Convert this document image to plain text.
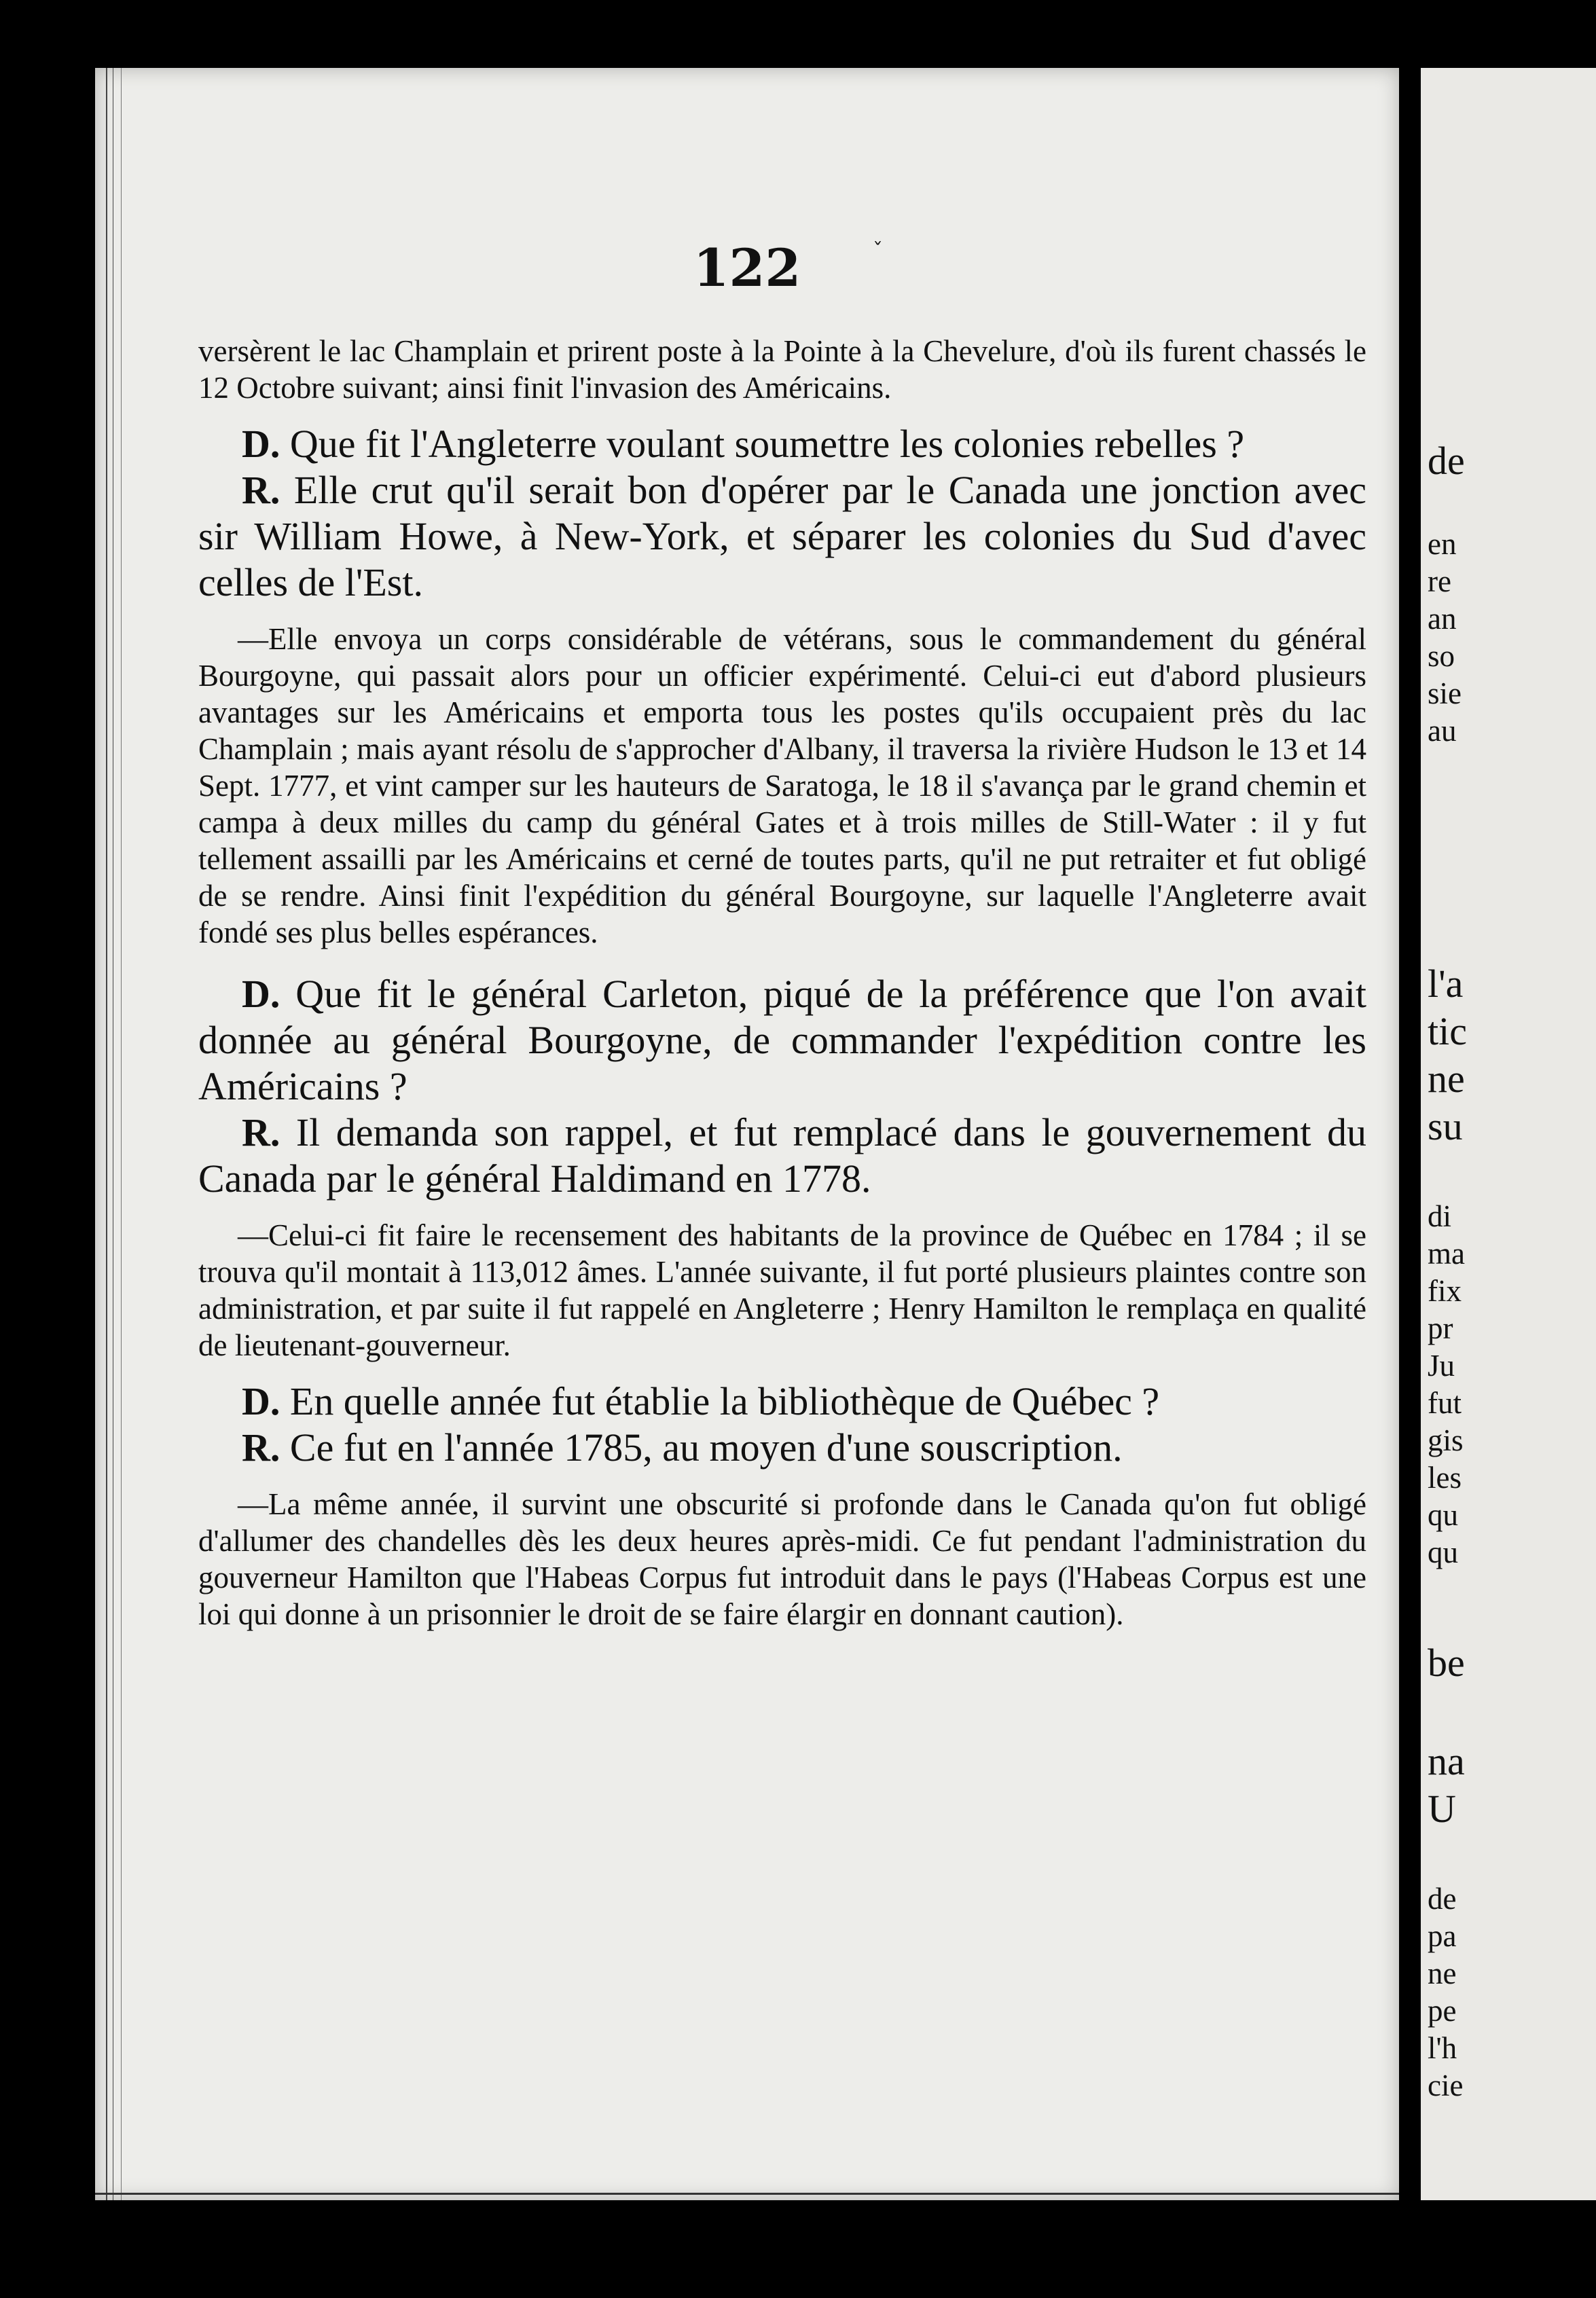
122	ˇ

versèrent le lac Champlain et prirent poste à la Pointe à la Chevelure, d'où ils furent chassés le 12 Octobre suivant; ainsi finit l'invasion des Américains.

D. Que fit l'Angleterre voulant soumettre les colonies rebelles ?

R. Elle crut qu'il serait bon d'opérer par le Canada une jonction avec sir William Howe, à New-York, et séparer les colonies du Sud d'avec celles de l'Est.

—Elle envoya un corps considérable de vétérans, sous le commandement du général Bourgoyne, qui passait alors pour un officier expérimenté. Celui-ci eut d'abord plusieurs avantages sur les Américains et emporta tous les postes qu'ils occupaient près du lac Champlain ; mais ayant résolu de s'approcher d'Albany, il traversa la rivière Hudson le 13 et 14 Sept. 1777, et vint camper sur les hauteurs de Saratoga, le 18 il s'avança par le grand chemin et campa à deux milles du camp du général Gates et à trois milles de Still-Water : il y fut tellement assailli par les Américains et cerné de toutes parts, qu'il ne put retraiter et fut obligé de se rendre. Ainsi finit l'expédition du général Bourgoyne, sur laquelle l'Angleterre avait fondé ses plus belles espérances.

D. Que fit le général Carleton, piqué de la préférence que l'on avait donnée au général Bourgoyne, de commander l'expédition contre les Américains ?

R. Il demanda son rappel, et fut remplacé dans le gouvernement du Canada par le général Haldimand en 1778.

—Celui-ci fit faire le recensement des habitants de la province de Québec en 1784 ; il se trouva qu'il montait à 113,012 âmes. L'année suivante, il fut porté plusieurs plaintes contre son administration, et par suite il fut rappelé en Angleterre ; Henry Hamilton le remplaça en qualité de lieutenant-gouverneur.

D. En quelle année fut établie la bibliothèque de Québec ?

R. Ce fut en l'année 1785, au moyen d'une souscription.

—La même année, il survint une obscurité si profonde dans le Canada qu'on fut obligé d'allumer des chandelles dès les deux heures après-midi. Ce fut pendant l'administration du gouverneur Hamilton que l'Habeas Corpus fut introduit dans le pays (l'Habeas Corpus est une loi qui donne à un prisonnier le droit de se faire élargir en donnant caution).

de
en
re
an
so
sie
au
l'a
tic
ne
su
di
ma
fix
pr
Ju
fut
gis
les
qu
qu
be
na
U
de
pa
ne
pe
l'h
cie
